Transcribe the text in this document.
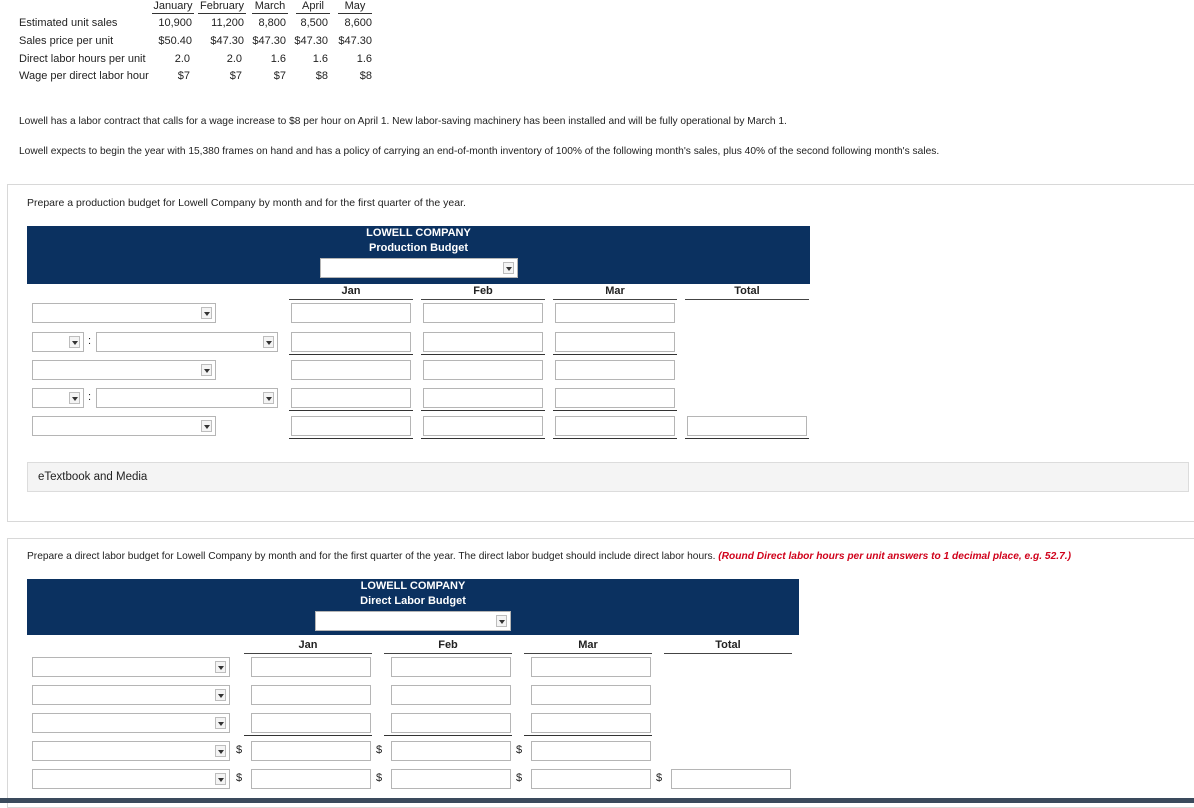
January February March	April	May
Estimated unit sales	10,900	11,200	8,800	8,500	8,600
Sales price per unit	$50.40	$47.30 $47.30 $47.30 $47.30
Direct labor hours per unit	2.0	2.0	1.6	1.6	1.6
Wage per direct labor hour	$7	$7	$7	$8	$8
Lowell has a labor contract that calls for a wage increase to $8 per hour on April 1. New labor-saving machinery has been installed and will be fully operational by March 1.
Lowell expects to begin the year with 15,380 frames on hand and has a policy of carrying an end-of-month inventory of 100% of the following month's sales, plus 40% of the second following month's sales.
Prepare a production budget for Lowell Company by month and for the first quarter of the year.
LOWELL COMPANY
Production Budget
Jan	Feb	Mar	Total
:
:
eTextbook and Media
Prepare a direct labor budget for Lowell Company by month and for the first quarter of the year. The direct labor budget should include direct labor hours. (Round Direct labor hours per unit answers to 1 decimal place, e.g. 52.7.)
LOWELL COMPANY
Direct Labor Budget
Jan	Feb	Mar	Total
$	$	$
$	$	$	$
